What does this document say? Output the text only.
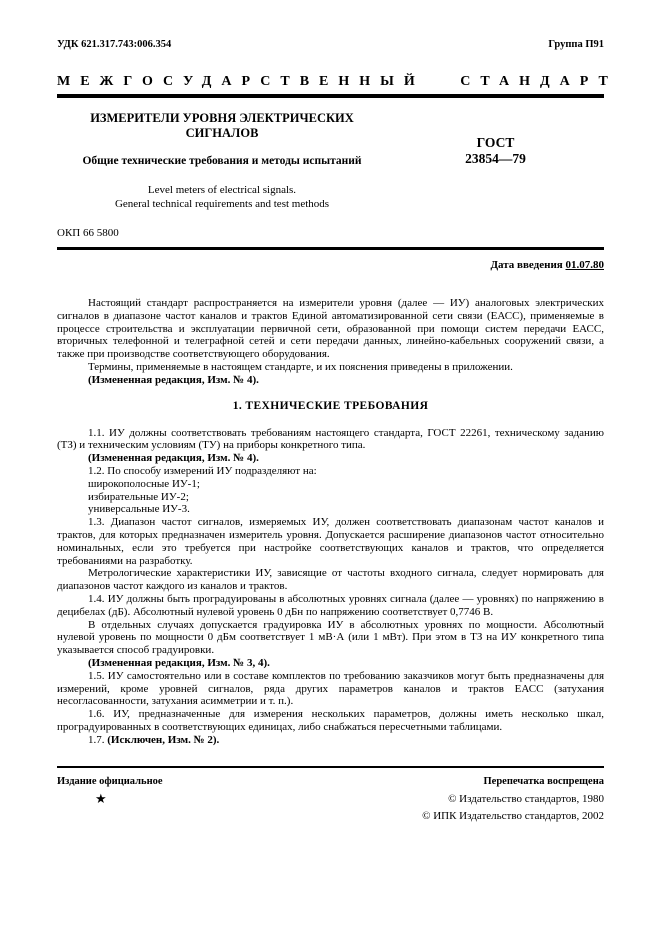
УДК 621.317.743:006.354	Группа П91
МЕЖГОСУДАРСТВЕННЫЙ СТАНДАРТ
ИЗМЕРИТЕЛИ УРОВНЯ ЭЛЕКТРИЧЕСКИХ СИГНАЛОВ
Общие технические требования и методы испытаний
Level meters of electrical signals.
General technical requirements and test methods
ГОСТ
23854—79
ОКП 66 5800
Дата введения 01.07.80

Настоящий стандарт распространяется на измерители уровня (далее — ИУ) аналоговых электрических сигналов в диапазоне частот каналов и трактов Единой автоматизированной сети связи (ЕАСС), применяемые в процессе строительства и эксплуатации первичной сети, образованной при помощи систем передачи ЕАСС, вторичных телефонной и телеграфной сетей и сети передачи данных, линейно-кабельных сооружений связи, а также при производстве соответствующего оборудования.

Термины, применяемые в настоящем стандарте, и их пояснения приведены в приложении.

(Измененная редакция, Изм. № 4).

1. ТЕХНИЧЕСКИЕ ТРЕБОВАНИЯ

1.1. ИУ должны соответствовать требованиям настоящего стандарта, ГОСТ 22261, техническому заданию (ТЗ) и техническим условиям (ТУ) на приборы конкретного типа.

(Измененная редакция, Изм. № 4).

1.2. По способу измерений ИУ подразделяют на:

широкополосные ИУ-1;

избирательные ИУ-2;

универсальные ИУ-3.

1.3. Диапазон частот сигналов, измеряемых ИУ, должен соответствовать диапазонам частот каналов и трактов, для которых предназначен измеритель уровня. Допускается расширение диапазонов частот относительно номинальных, если это требуется при настройке соответствующих каналов и трактов, что определяется требованиями на разработку.

Метрологические характеристики ИУ, зависящие от частоты входного сигнала, следует нормировать для диапазонов частот каждого из каналов и трактов.

1.4. ИУ должны быть проградуированы в абсолютных уровнях сигнала (далее — уровнях) по напряжению в децибелах (дБ). Абсолютный нулевой уровень 0 дБн по напряжению соответствует 0,7746 В.

В отдельных случаях допускается градуировка ИУ в абсолютных уровнях по мощности. Абсолютный нулевой уровень по мощности 0 дБм соответствует 1 мВ·А (или 1 мВт). При этом в ТЗ на ИУ конкретного типа указывается способ градуировки.

(Измененная редакция, Изм. № 3, 4).

1.5. ИУ самостоятельно или в составе комплектов по требованию заказчиков могут быть предназначены для измерений, кроме уровней сигналов, ряда других параметров каналов и трактов ЕАСС (затухания несогласованности, затухания асимметрии и т. п.).

1.6. ИУ, предназначенные для измерения нескольких параметров, должны иметь несколько шкал, проградуированных в соответствующих единицах, либо снабжаться пересчетными таблицами.

1.7. (Исключен, Изм. № 2).

Издание официальное	Перепечатка воспрещена
★	© Издательство стандартов, 1980
© ИПК Издательство стандартов, 2002
